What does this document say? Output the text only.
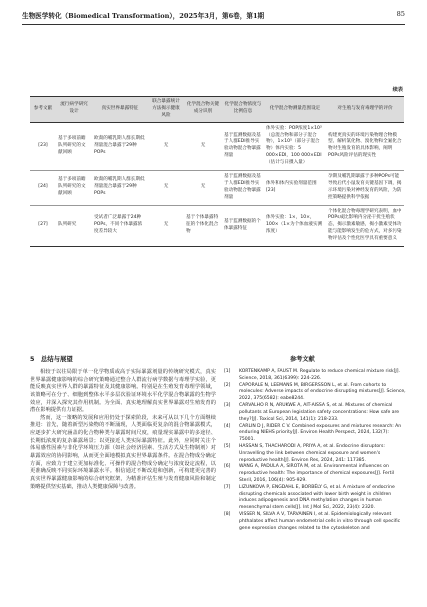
生物医学转化（Biomedical Transformation），2025年3月，第6卷，第1期	85
续表
参考文献	流行病学研究设计	真实世界暴露特征	联合暴露统计方法揭示健康风险	化学混合物关键成分识别	化学混合物浓度与比例信息	化学混合物测量范围设定	对生殖与发育毒理学的评价
[23]	基于多项前瞻队列研究的文献回顾	欧裔的哺乳期人群长期低剂量混合暴露于29种POPs	无	无	基于监测数据及基于人群EDI推导实验动物混合物暴露剂量	体外实验：POP浓度1×10³（总混合物和部分子混合物），1×10⁵（部分子混合物）体内实验：5 000×EDI，100 000×EDI（估计与日摄入量）	构建更真实的环境污染物理合物模型、解析氯化物、溴化物和全氟化合物对生殖发育的具体影响，阐明POPs风险评估的现实性
[24]	基于多项前瞻队列研究的文献回顾	欧裔的哺乳期人群长期低剂量混合暴露于29种POPs	无	无	基于监测数据及基于人群EDI推导实验动物混合物暴露剂量	体外和体内实验剂量范围[23]	孕期及哺乳期暴露于多种POPs可能导致后代小鼠发育关键基因下调，揭示环境污染对神经发育的风险，为防控策略提供科学依据
[27]	队列研究	受试者广泛暴露于24种POPs，不同个体暴露浓度差异较大	无	基于个体暴露特征的个体化混合物	基于监测数据的个体暴露特征	体外实验：1×，10×，100×（1×为个体血液实测浓度）	个体化混合物毒理学研究表明，血中POPs成比影响内分泌干扰生殖状态，揭示激素敏感，揭小激素受体功能与能影响发生的危方式，对多污染物评估及个性化医学具有重要意义
5　总结与展望

相较于以往局限于单一化学物质或高于实际暴露剂量的传统研究模式，真实世界暴露健康影响的综合研究策略通过整合人群流行病学数据与毒理学实验，更能反映真实世界人群的暴露特征及其健康影响。特别是在生殖发育毒理学领域，该策略可在分子、细胞到整体水平多层次验证环境水平化学混合物暴露的生物学效应，并深入探究其作用机制。为全面、真实地理解真实世界暴露对生殖发育的潜在影响提供有力证据。

然而，这一策略的发展和应用仍处于探索阶段，未来可从以下几个方面继续推进：首先，随着新型污染物的不断涌现，人类面临更复杂的混合物暴露模式，应逐步扩大研究涵盖的化合物种类与暴露时间尺度，痕量现实暴露中的多途径、长期低浓度的复杂暴露场景；以更接近人类实际暴露特征。此外，应同时关注个体易感性因素与非化学环境压力源（如社会经济因素、生活方式及生物制剂）对暴露效应的协同影响，从而更全面地模拟真实世界暴露条件。在混合物成分确定方面，应致力于建立更加标准化、可操作的混合物成分确定与浓度设定流程，以更准确反映不同实际环境暴露水平。相信通过不断改进和创新，可构建更完善的真实世界暴露健康影响的综合研究框架，为精准评估生殖与发育健康风险和制定策略提供坚实基础，推动人类健康保障与改善。

参考文献
[1]	KORTENKAMP A, FAUST M. Regulate to reduce chemical mixture risk[J]. Science, 2018, 361(6399): 224-226.
[2]	CAPORALE N, LEEMANS M, BIRGERSSON L, et al. From cohorts to molecules: Adverse impacts of endocrine disrupting mixtures[J]. Science, 2022, 375(6582): eabe8244.
[3]	CARVALHO R N, ARUKWE A, AIT-AISSA S, et al. Mixtures of chemical pollutants at European legislation safety concentrations: How safe are they?[J]. Toxicol Sci, 2014, 141(1): 218-233.
[4]	CARLIN D J, RIDER C V. Combined exposures and mixtures research: An enduring NIEHS priority[J]. Environ Health Perspect, 2024, 132(7): 75001.
[5]	HASSAN S, THACHARODI A, PRIYA A, et al. Endocrine disruptors: Unravelling the link between chemical exposure and women's reproductive health[J]. Environ Res, 2024, 241: 117385.
[6]	WANG A, PADULA A, SIROTA M, et al. Environmental influences on reproductive health: The importance of chemical exposures[J]. Fertil Steril, 2016, 106(4): 905-929.
[7]	LIZUNKOVA P, ENGDAHL E, BORBÉLY G, et al. A mixture of endocrine disrupting chemicals associated with lower birth weight in children induces adipogenesis and DNA methylation changes in human mesenchymal stem cells[J]. Int J Mol Sci, 2022, 23(4): 2320.
[8]	VISSER N, SILVA A V, TARVAINEN I, et al. Epidemiologically relevant phthalates affect human endometrial cells in vitro through cell specific gene expression changes related to the cytoskeleton and
